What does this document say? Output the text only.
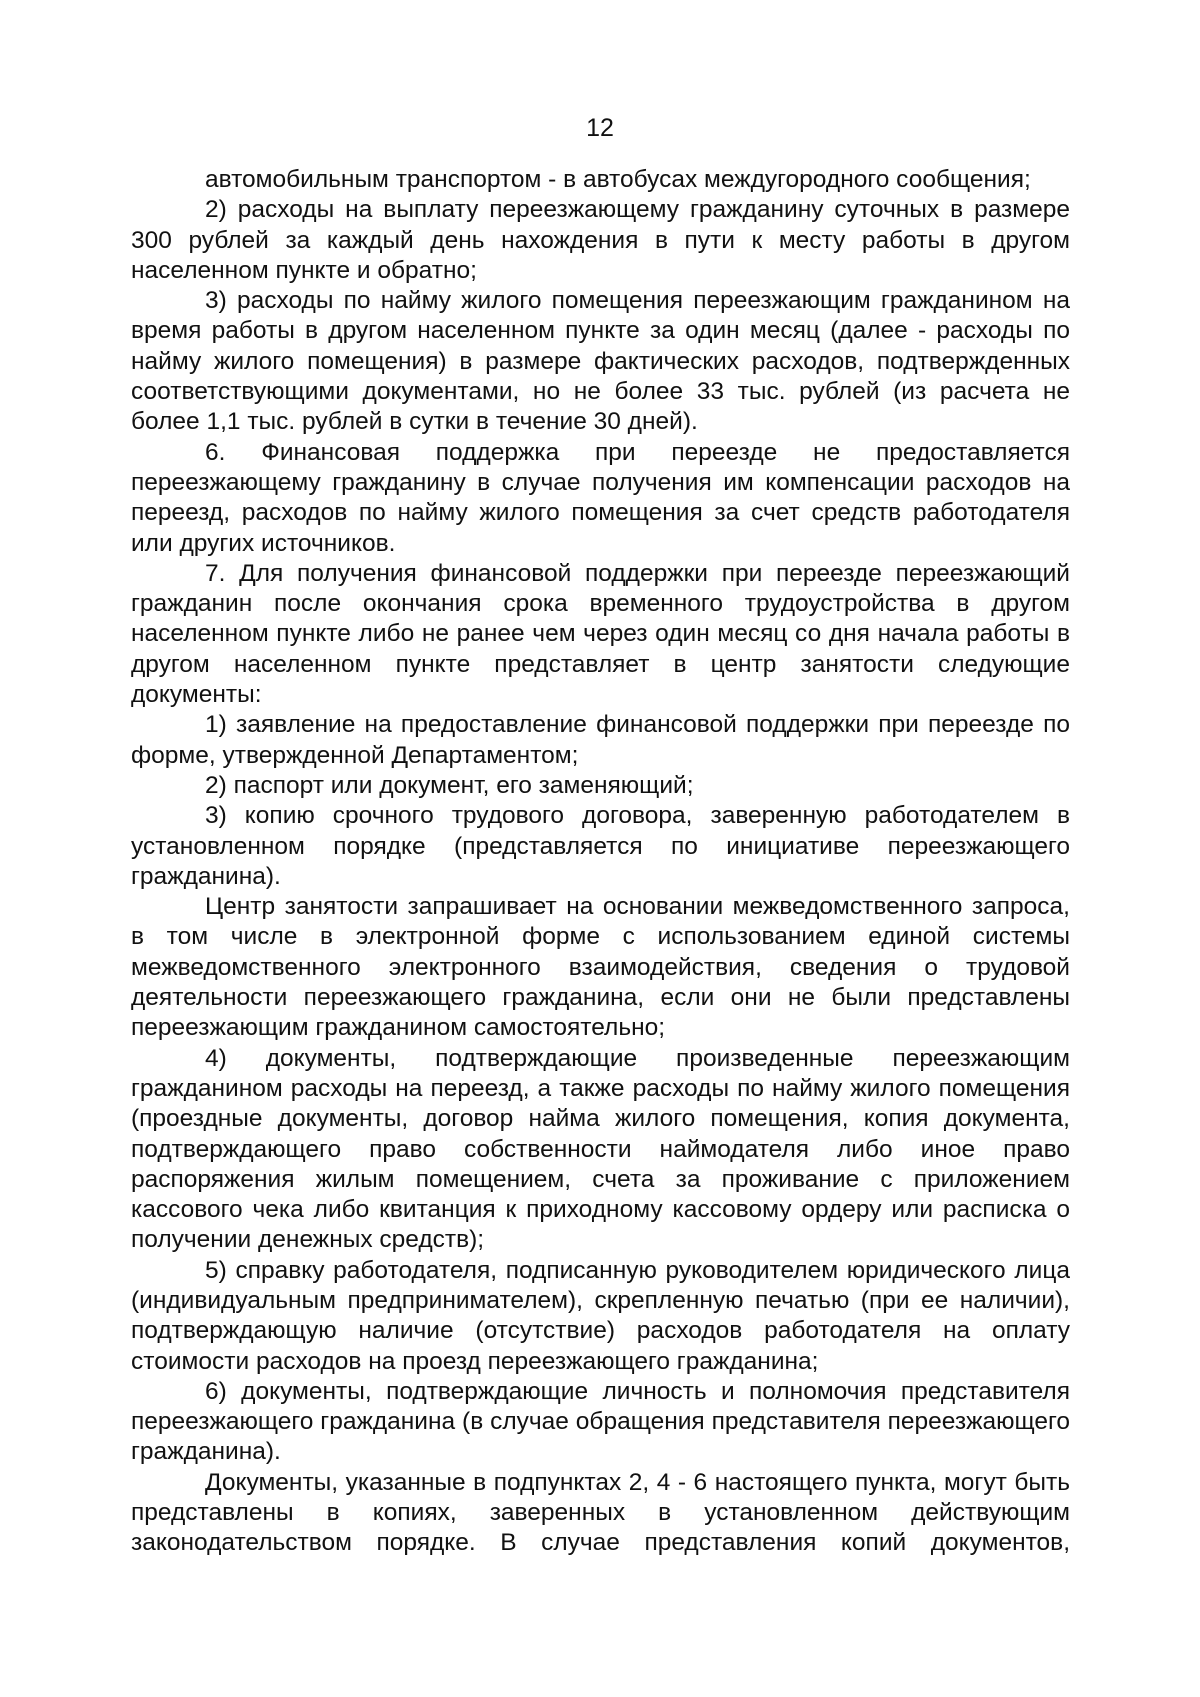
12

автомобильным транспортом - в автобусах междугородного сообщения;

2) расходы на выплату переезжающему гражданину суточных в размере 300 рублей за каждый день нахождения в пути к месту работы в другом населенном пункте и обратно;

3) расходы по найму жилого помещения переезжающим гражданином на время работы в другом населенном пункте за один месяц (далее - расходы по найму жилого помещения) в размере фактических расходов, подтвержденных соответствующими документами, но не более 33 тыс. рублей (из расчета не более 1,1 тыс. рублей в сутки в течение 30 дней).

6. Финансовая поддержка при переезде не предоставляется переезжающему гражданину в случае получения им компенсации расходов на переезд, расходов по найму жилого помещения за счет средств работодателя или других источников.

7. Для получения финансовой поддержки при переезде переезжающий гражданин после окончания срока временного трудоустройства в другом населенном пункте либо не ранее чем через один месяц со дня начала работы в другом населенном пункте представляет в центр занятости следующие документы:

1) заявление на предоставление финансовой поддержки при переезде по форме, утвержденной Департаментом;

2) паспорт или документ, его заменяющий;

3) копию срочного трудового договора, заверенную работодателем в установленном порядке (представляется по инициативе переезжающего гражданина).

Центр занятости запрашивает на основании межведомственного запроса, в том числе в электронной форме с использованием единой системы межведомственного электронного взаимодействия, сведения о трудовой деятельности переезжающего гражданина, если они не были представлены переезжающим гражданином самостоятельно;

4) документы, подтверждающие произведенные переезжающим гражданином расходы на переезд, а также расходы по найму жилого помещения (проездные документы, договор найма жилого помещения, копия документа, подтверждающего право собственности наймодателя либо иное право распоряжения жилым помещением, счета за проживание с приложением кассового чека либо квитанция к приходному кассовому ордеру или расписка о получении денежных средств);

5) справку работодателя, подписанную руководителем юридического лица (индивидуальным предпринимателем), скрепленную печатью (при ее наличии), подтверждающую наличие (отсутствие) расходов работодателя на оплату стоимости расходов на проезд переезжающего гражданина;

6) документы, подтверждающие личность и полномочия представителя переезжающего гражданина (в случае обращения представителя переезжающего гражданина).

Документы, указанные в подпунктах 2, 4 - 6 настоящего пункта, могут быть представлены в копиях, заверенных в установленном действующим законодательством порядке. В случае представления копий документов,
